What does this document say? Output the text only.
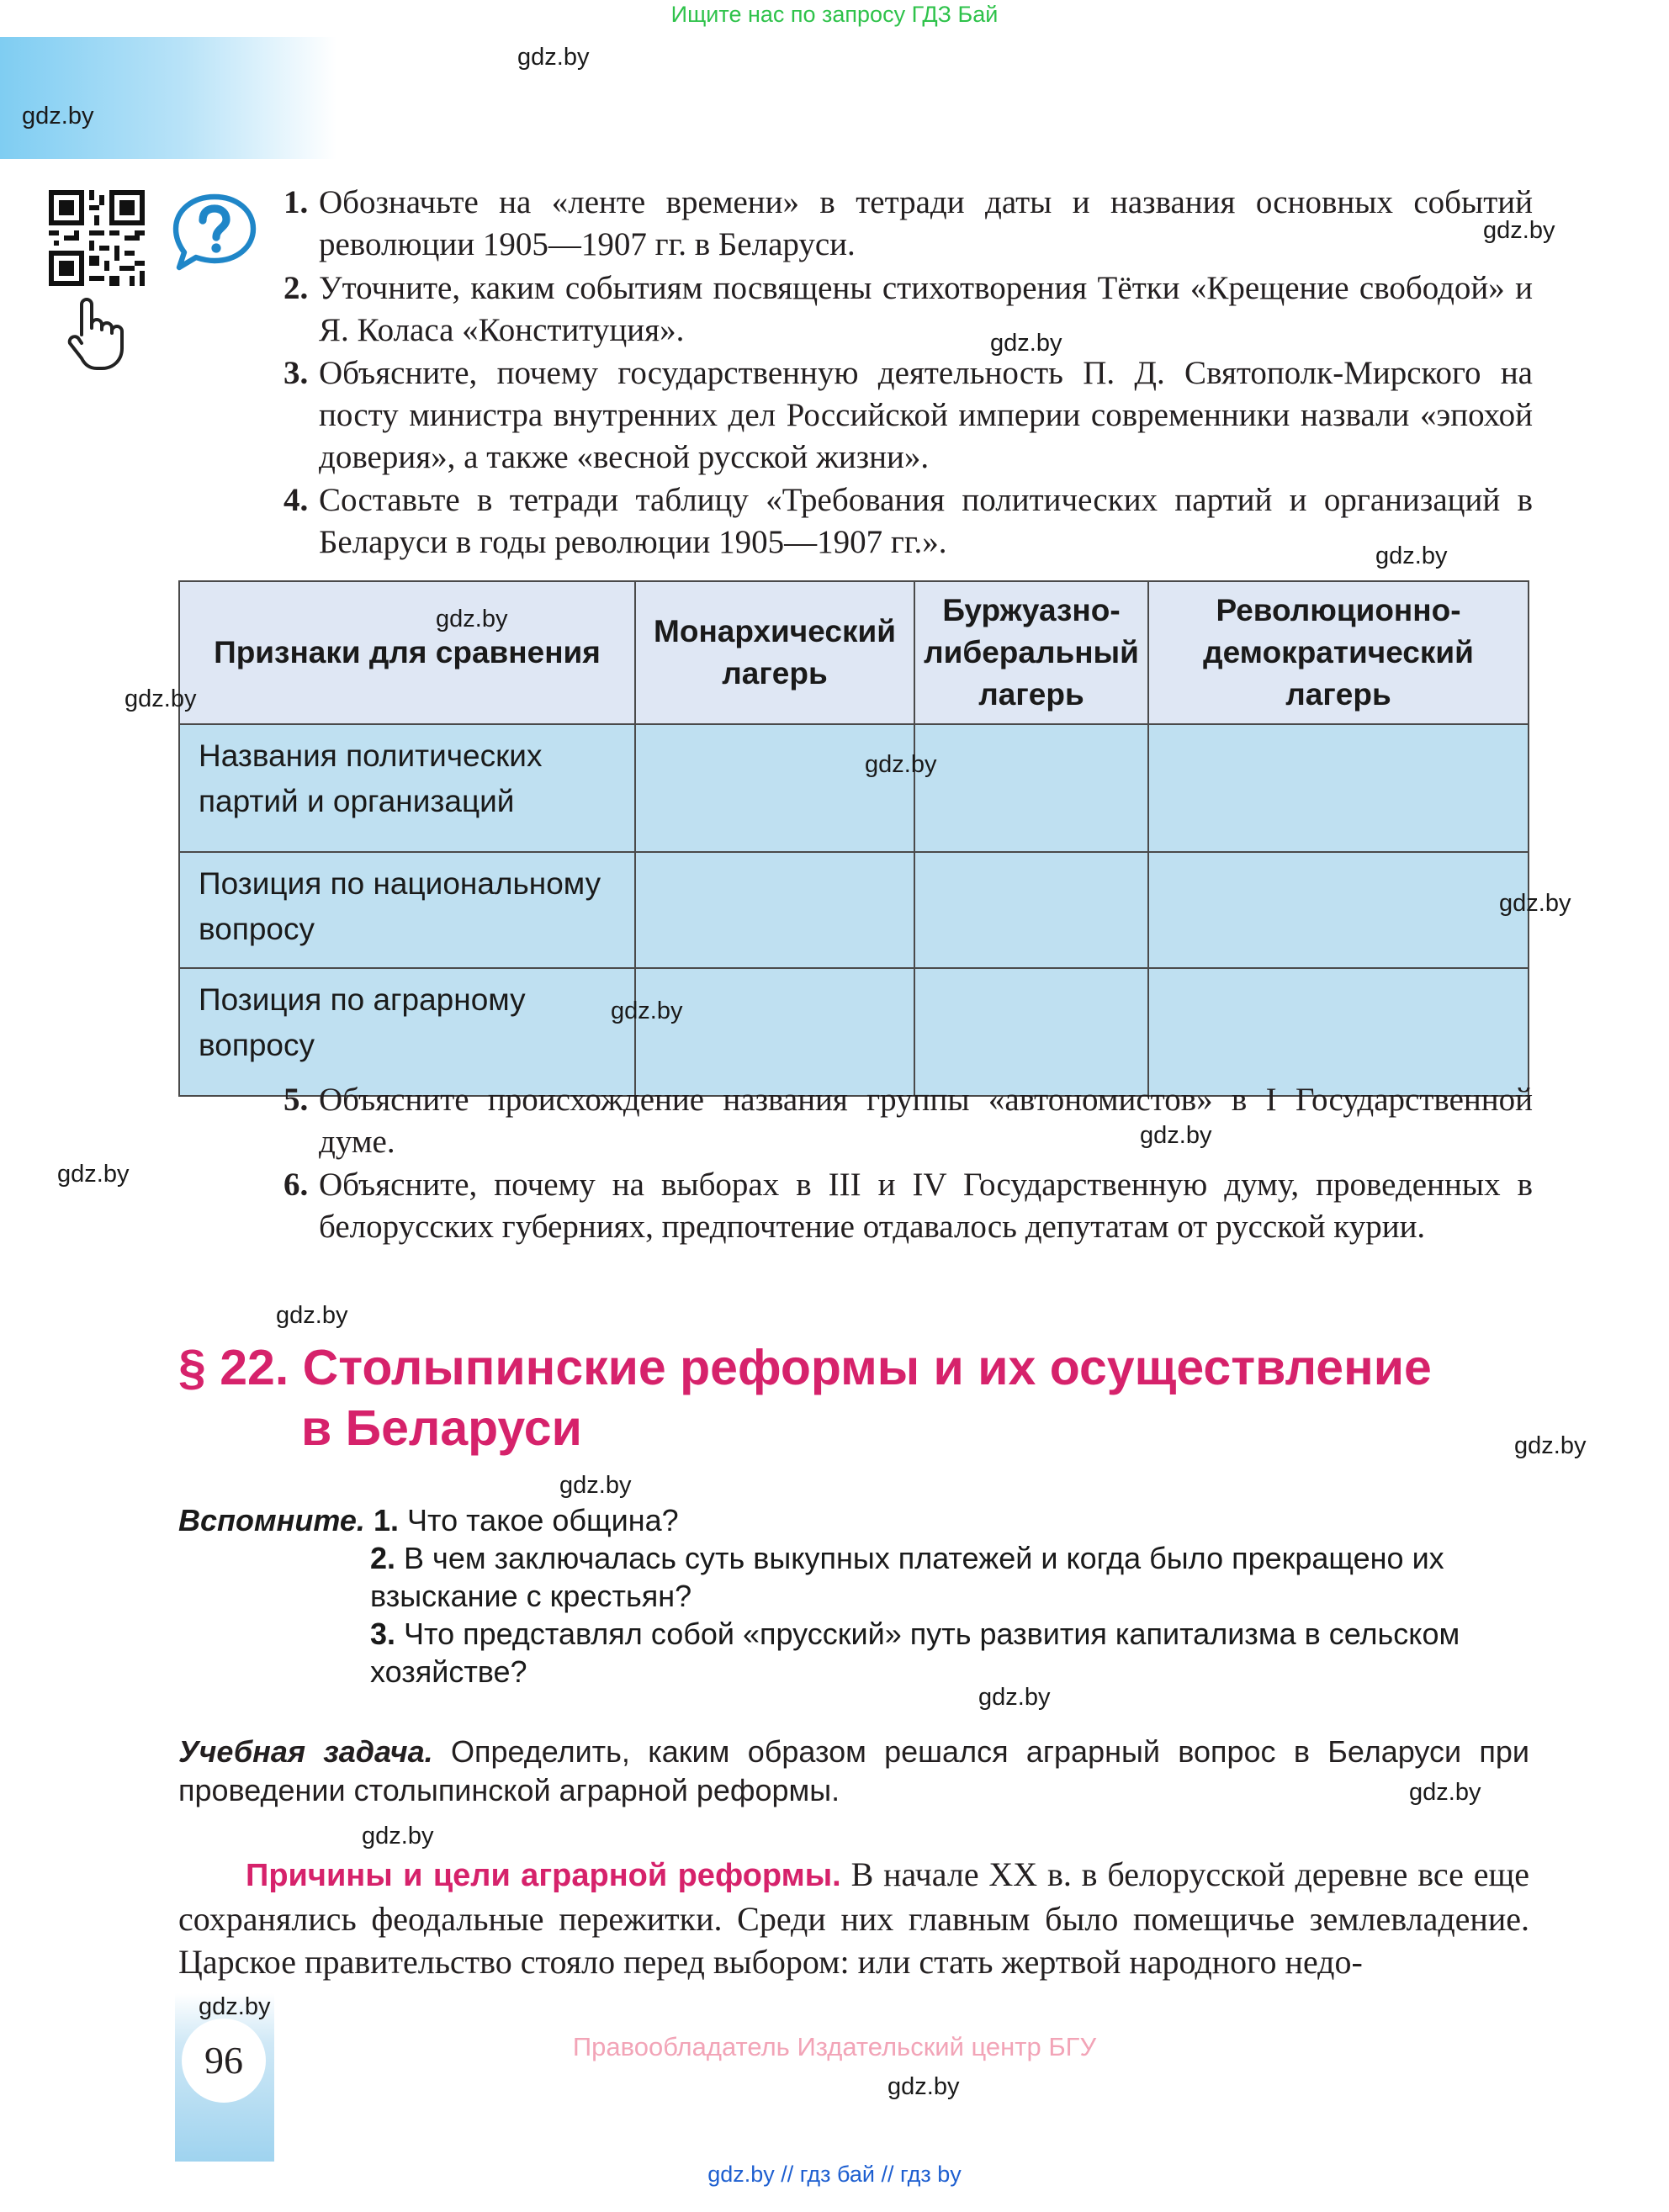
Ищите нас по запросу ГДЗ Бай
1. Обозначьте на «ленте времени» в тетради даты и названия основных событий революции 1905—1907 гг. в Беларуси.
2. Уточните, каким событиям посвящены стихотворения Тётки «Крещение свободой» и Я. Коласа «Конституция».
3. Объясните, почему государственную деятельность П. Д. Святополк-Мирского на посту министра внутренних дел Российской империи современники назвали «эпохой доверия», а также «весной русской жизни».
4. Составьте в тетради таблицу «Требования политических партий и организаций в Беларуси в годы революции 1905—1907 гг.».
Признаки для сравнения	Монархический лагерь	Буржуазно-либеральный лагерь	Революционно-демократический лагерь
Названия политических партий и организаций			
Позиция по национальному вопросу			
Позиция по аграрному вопросу			
5. Объясните происхождение названия группы «автономистов» в I Государственной думе.
6. Объясните, почему на выборах в III и IV Государственную думу, проведенных в белорусских губерниях, предпочтение отдавалось депутатам от русской курии.
§ 22. Столыпинские реформы и их осуществление
в Беларуси
Вспомните. 1. Что такое община?
2. В чем заключалась суть выкупных платежей и когда было прекращено их взыскание с крестьян?
3. Что представлял собой «прусский» путь развития капитализма в сельском хозяйстве?
Учебная задача. Определить, каким образом решался аграрный вопрос в Беларуси при проведении столыпинской аграрной реформы.
Причины и цели аграрной реформы. В начале XX в. в белорусской деревне все еще сохранялись феодальные пережитки. Среди них главным было помещичье землевладение. Царское правительство стояло перед выбором: или стать жертвой народного недо-
96	Правообладатель Издательский центр БГУ
gdz.by // гдз бай // гдз by
gdz.by
gdz.by
gdz.by
gdz.by
gdz.by
gdz.by
gdz.by
gdz.by
gdz.by
gdz.by
gdz.by
gdz.by
gdz.by
gdz.by
gdz.by
gdz.by
gdz.by
gdz.by
gdz.by
gdz.by
